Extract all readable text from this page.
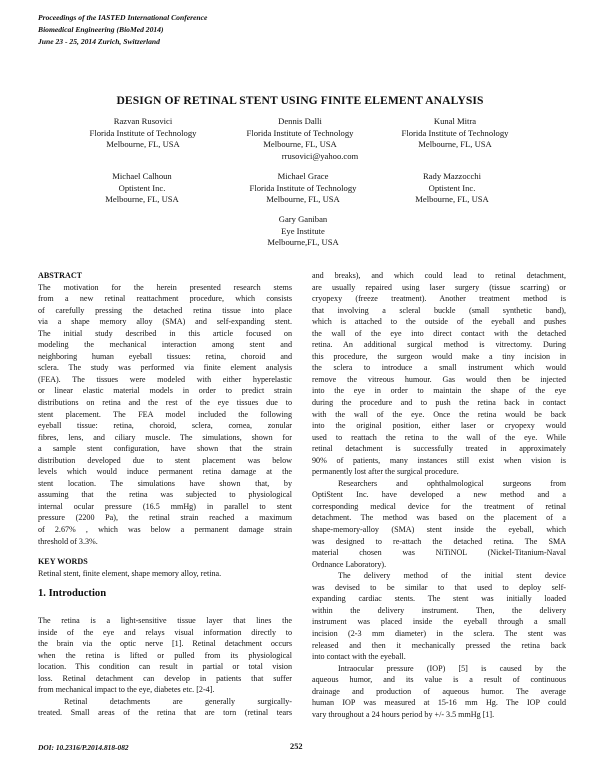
Proceedings of the IASTED International Conference
Biomedical Engineering (BioMed 2014)
June 23 - 25, 2014 Zurich, Switzerland
DESIGN OF RETINAL STENT USING FINITE ELEMENT ANALYSIS
Razvan Rusovici
Florida Institute of Technology
Melbourne, FL, USA
Dennis Dalli
Florida Institute of Technology
Melbourne, FL, USA
rrusovici@yahoo.com
Kunal Mitra
Florida Institute of Technology
Melbourne, FL, USA
Michael Calhoun
Optistent Inc.
Melbourne, FL, USA
Michael Grace
Florida Institute of Technology
Melbourne, FL, USA
Rady Mazzocchi
Optistent Inc.
Melbourne, FL, USA
Gary Ganiban
Eye Institute
Melbourne,FL, USA
ABSTRACT
The motivation for the herein presented research stems
from a new retinal reattachment procedure, which consists
of carefully pressing the detached retina tissue into place
via a shape memory alloy (SMA) and self-expanding stent.
The initial study described in this article focused on
modeling the mechanical interaction among stent and
neighboring human eyeball tissues: retina, choroid and
sclera. The study was performed via finite element analysis
(FEA). The tissues were modeled with either hyperelastic
or linear elastic material models in order to predict strain
distributions on retina and the rest of the eye tissues due to
stent placement. The FEA model included the following
eyeball tissue: retina, choroid, sclera, cornea, zonular
fibres, lens, and ciliary muscle. The simulations, shown for
a sample stent configuration, have shown that the strain
distribution developed due to stent placement was below
levels which would induce permanent retina damage at the
stent location. The simulations have shown that, by
assuming that the retina was subjected to physiological
internal ocular pressure (16.5 mmHg) in parallel to stent
pressure (2200 Pa), the retinal strain reached a maximum
of 2.67% , which was below a permanent damage strain
threshold of 3.3%.
KEY WORDS
Retinal stent, finite element, shape memory alloy, retina.
1. Introduction
The retina is a light-sensitive tissue layer that lines the
inside of the eye and relays visual information directly to
the brain via the optic nerve [1]. Retinal detachment occurs
when the retina is lifted or pulled from its physiological
location. This condition can result in partial or total vision
loss. Retinal detachment can develop in patients that suffer
from mechanical impact to the eye, diabetes etc. [2-4].
Retinal detachments are generally surgically-
treated. Small areas of the retina that are torn (retinal tears
and breaks), and which could lead to retinal detachment,
are usually repaired using laser surgery (tissue scarring) or
cryopexy (freeze treatment). Another treatment method is
that involving a scleral buckle (small synthetic band),
which is attached to the outside of the eyeball and pushes
the wall of the eye into direct contact with the detached
retina. An additional surgical method is vitrectomy. During
this procedure, the surgeon would make a tiny incision in
the sclera to introduce a small instrument which would
remove the vitreous humour. Gas would then be injected
into the eye in order to maintain the shape of the eye
during the procedure and to push the retina back in contact
with the wall of the eye. Once the retina would be back
into the original position, either laser or cryopexy would
used to reattach the retina to the wall of the eye. While
retinal detachment is successfully treated in approximately
90% of patients, many instances still exist when vision is
permanently lost after the surgical procedure.
Researchers and ophthalmological surgeons from
OptiStent Inc. have developed a new method and a
corresponding medical device for the treatment of retinal
detachment. The method was based on the placement of a
shape-memory-alloy (SMA) stent inside the eyeball, which
was designed to re-attach the detached retina. The SMA
material chosen was NiTiNOL (Nickel-Titanium-Naval
Ordnance Laboratory).
The delivery method of the initial stent device
was devised to be similar to that used to deploy self-
expanding cardiac stents. The stent was initially loaded
within the delivery instrument. Then, the delivery
instrument was placed inside the eyeball through a small
incision (2-3 mm diameter) in the sclera. The stent was
released and then it mechanically pressed the retina back
into contact with the eyeball.
Intraocular pressure (IOP) [5] is caused by the
aqueous humor, and its value is a result of continuous
drainage and production of aqueous humor. The average
human IOP was measured at 15-16 mm Hg. The IOP could
vary throughout a 24 hours period by +/- 3.5 mmHg [1].
DOI: 10.2316/P.2014.818-082	252
